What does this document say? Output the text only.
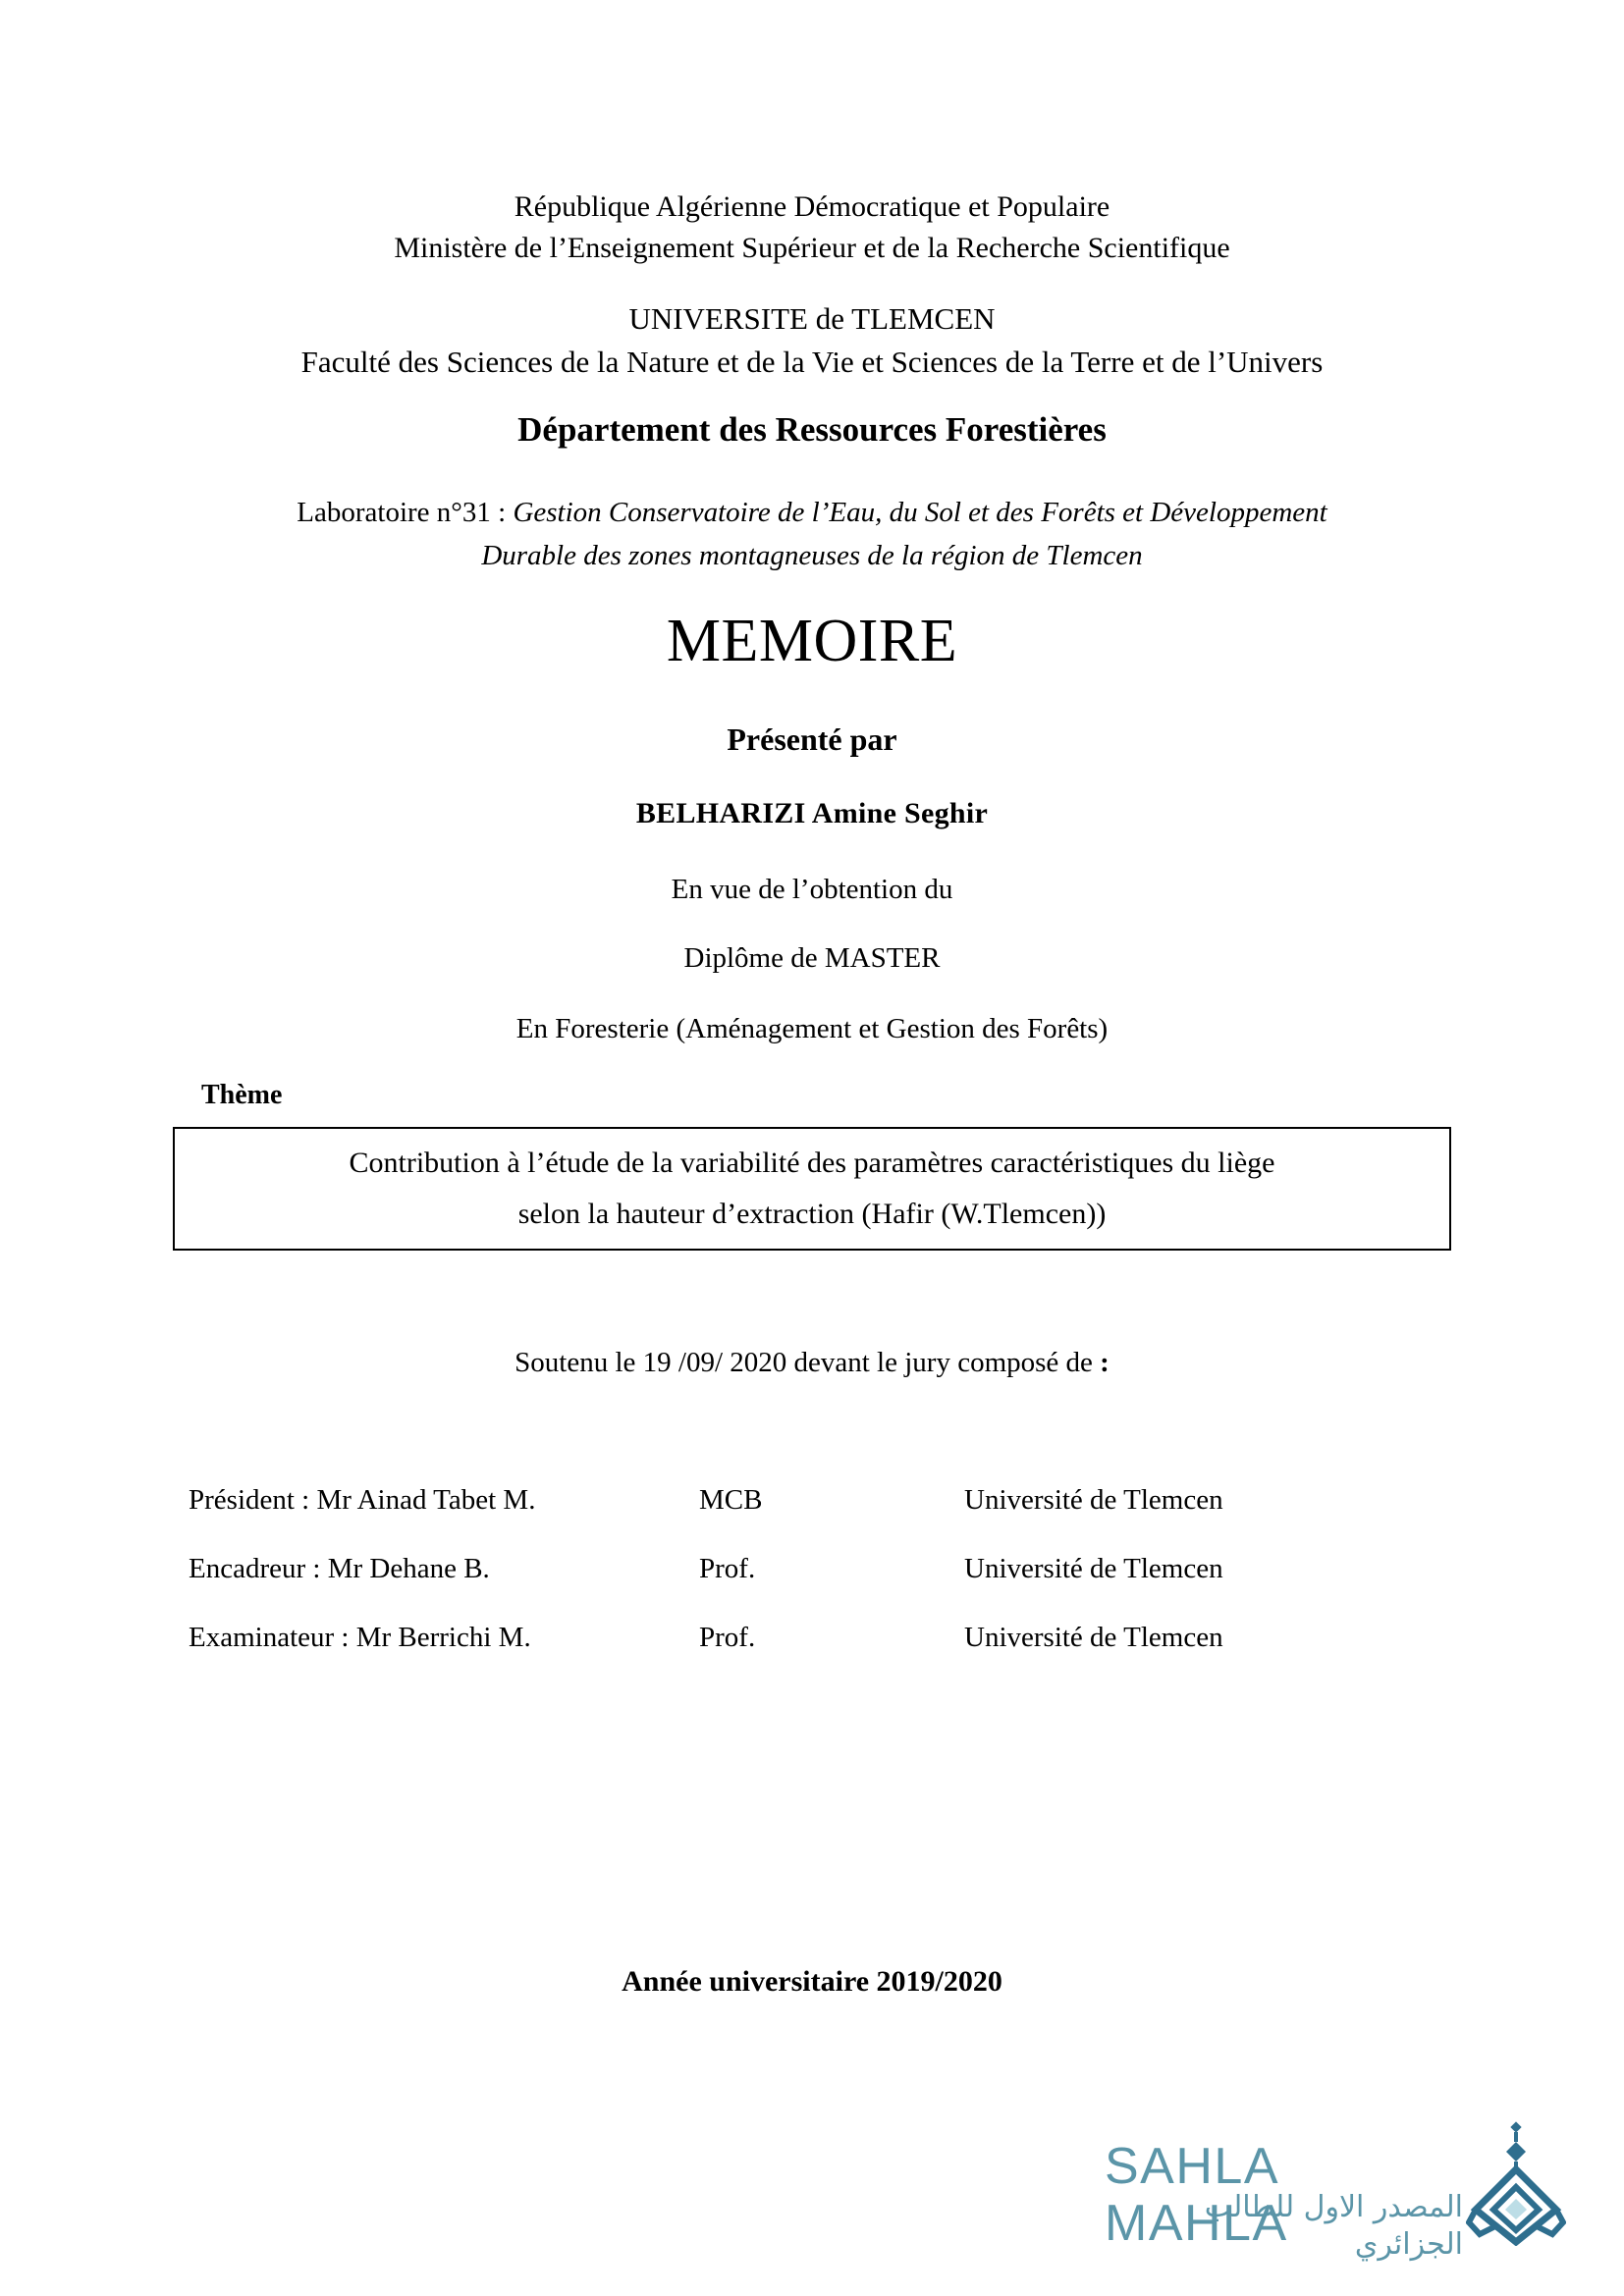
République Algérienne Démocratique et Populaire
Ministère de l’Enseignement Supérieur et de la Recherche Scientifique
UNIVERSITE de TLEMCEN
Faculté des Sciences de la Nature et de la Vie et Sciences de la Terre et de l’Univers
Département des Ressources Forestières
Laboratoire n°31 : Gestion Conservatoire de l’Eau, du Sol et des Forêts et Développement
Durable des zones montagneuses de la région de Tlemcen
MEMOIRE
Présenté par
BELHARIZI Amine Seghir
En vue de l’obtention du
Diplôme de MASTER
En Foresterie (Aménagement et Gestion des Forêts)
Thème
Contribution à l’étude de la variabilité des paramètres caractéristiques du liège
selon la hauteur d’extraction (Hafir (W.Tlemcen))
Soutenu le 19 /09/ 2020 devant le jury composé de :
Président : Mr Ainad Tabet M.	MCB	Université de Tlemcen
Encadreur : Mr Dehane B.	Prof.	Université de Tlemcen
Examinateur : Mr Berrichi M.	Prof.	Université de Tlemcen
Année universitaire 2019/2020
SAHLA MAHLA
المصدر الاول للطالب الجزائري
